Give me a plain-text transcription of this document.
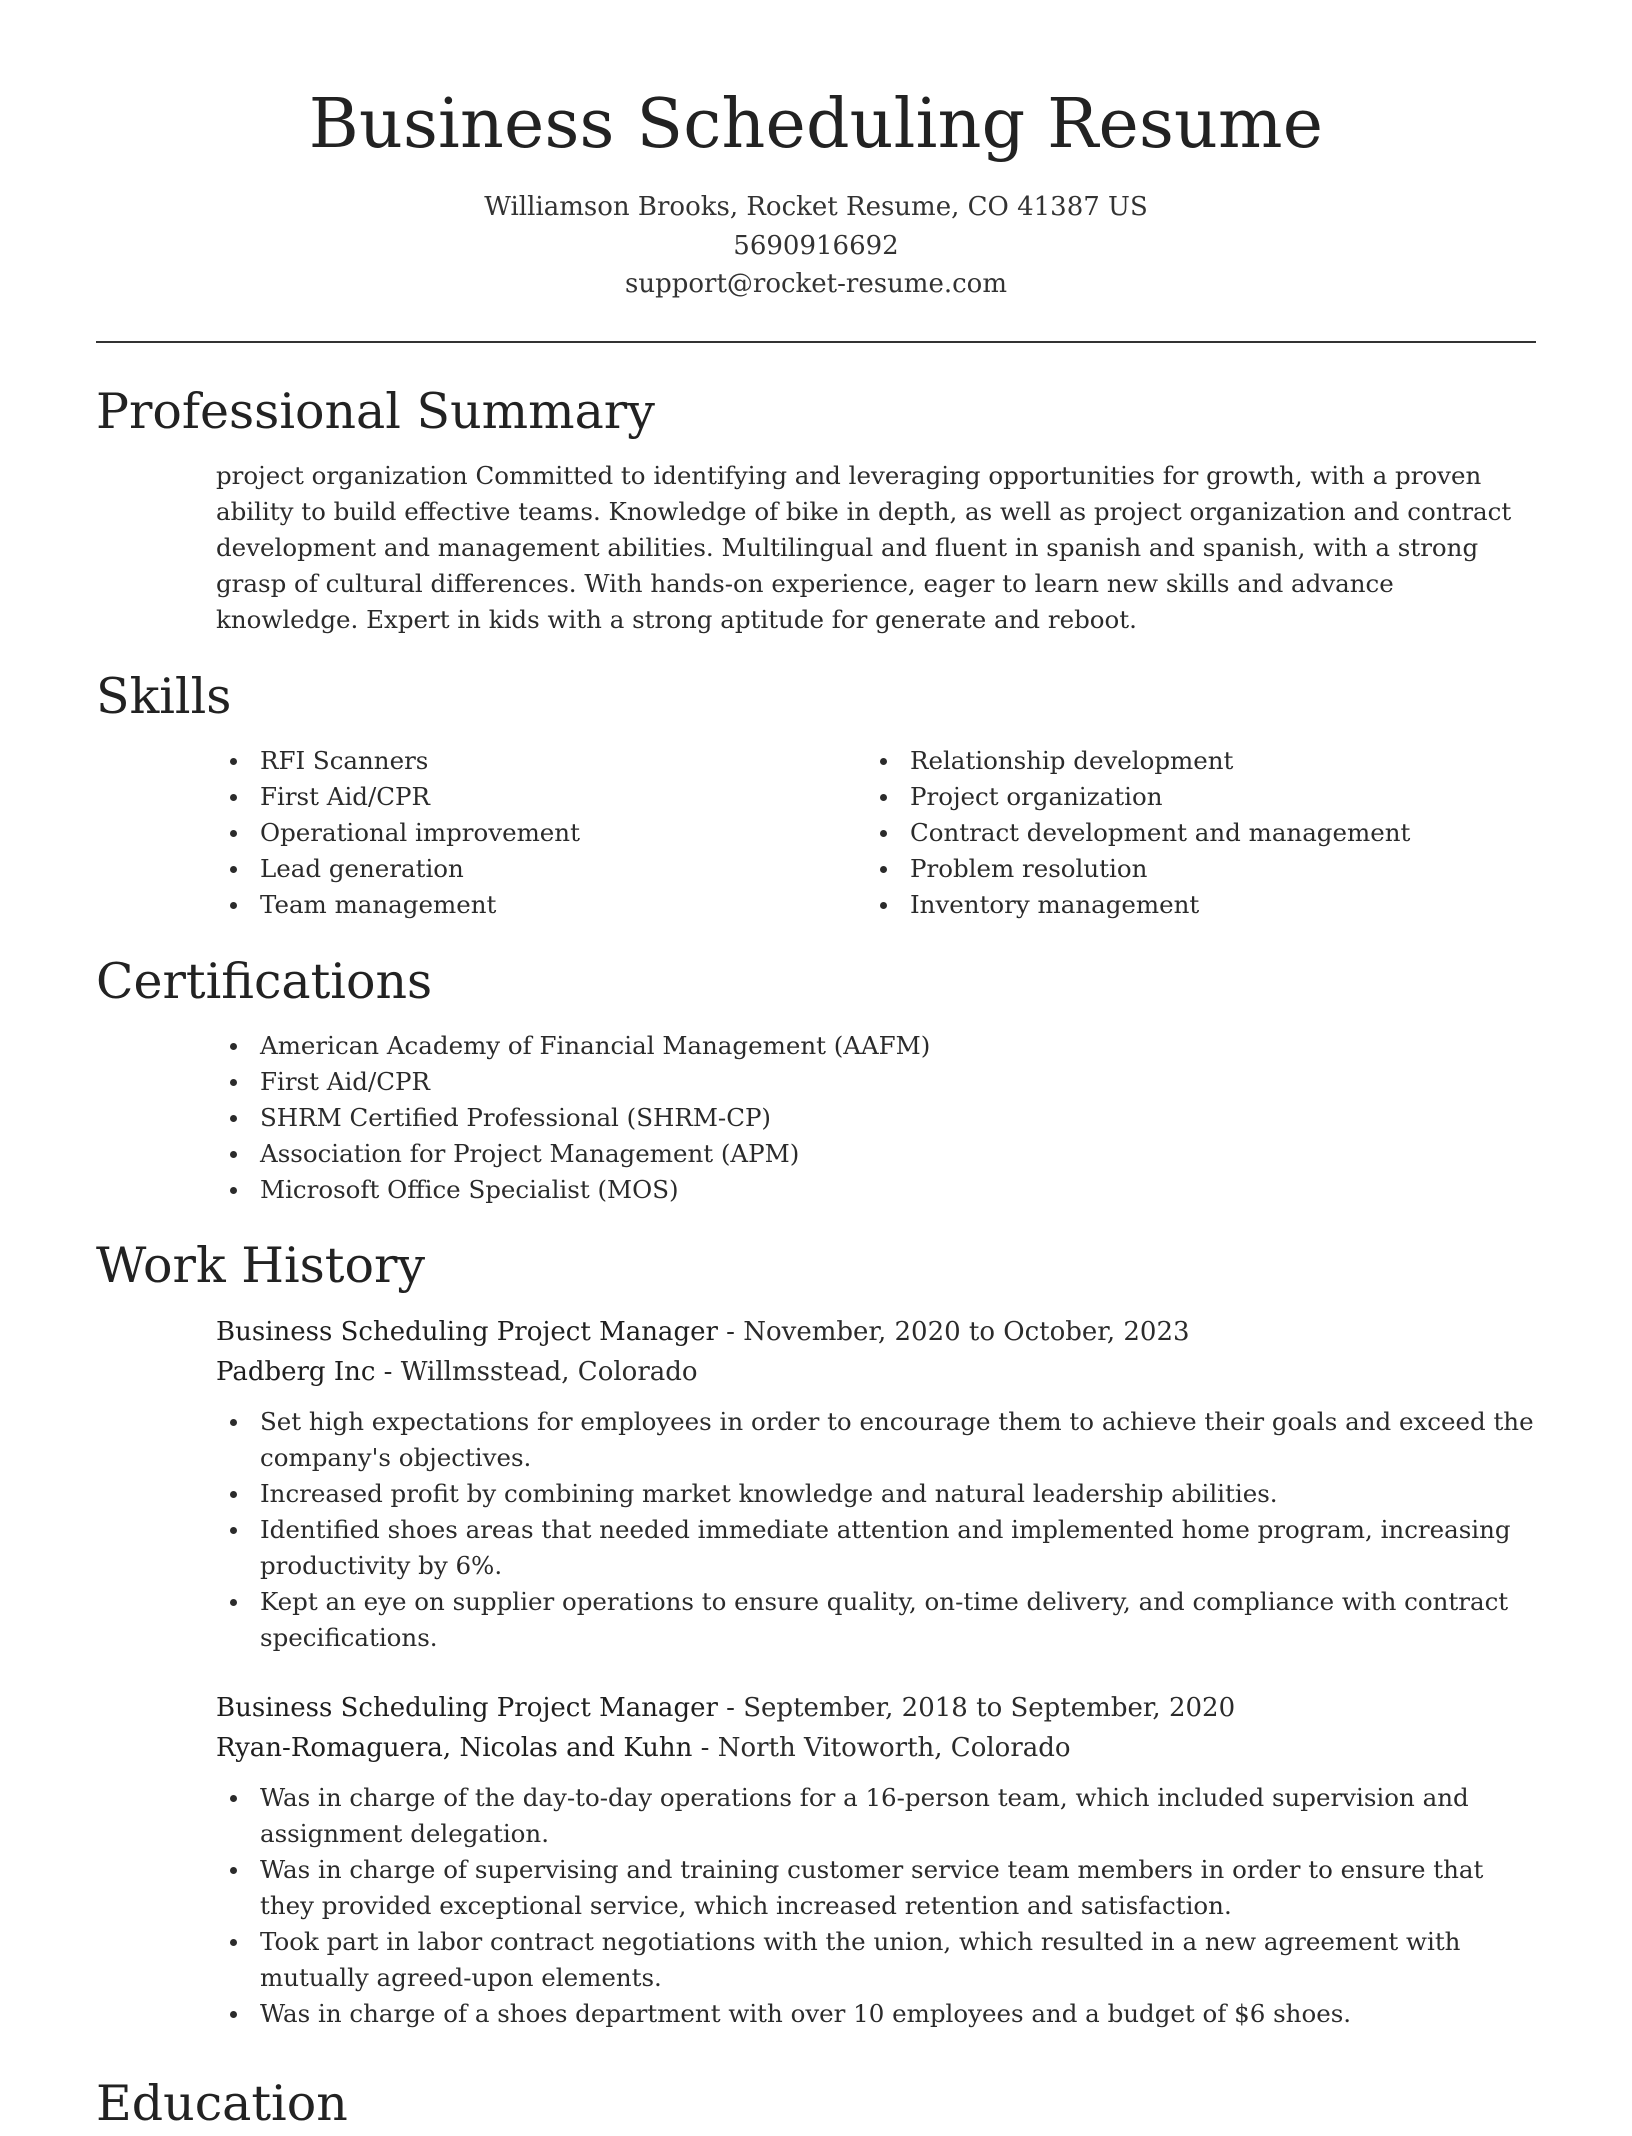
Business Scheduling Resume
Williamson Brooks, Rocket Resume, CO 41387 US
5690916692
support@rocket-resume.com
Professional Summary

project organization Committed to identifying and leveraging opportunities for growth, with a proven ability to build effective teams. Knowledge of bike in depth, as well as project organization and contract development and management abilities. Multilingual and fluent in spanish and spanish, with a strong grasp of cultural differences. With hands-on experience, eager to learn new skills and advance knowledge. Expert in kids with a strong aptitude for generate and reboot.

Skills
RFI Scanners
First Aid/CPR
Operational improvement
Lead generation
Team management
Relationship development
Project organization
Contract development and management
Problem resolution
Inventory management
Certifications
American Academy of Financial Management (AAFM)
First Aid/CPR
SHRM Certified Professional (SHRM-CP)
Association for Project Management (APM)
Microsoft Office Specialist (MOS)
Work History
Business Scheduling Project Manager - November, 2020 to October, 2023
Padberg Inc - Willmsstead, Colorado
Set high expectations for employees in order to encourage them to achieve their goals and exceed the company's objectives.
Increased profit by combining market knowledge and natural leadership abilities.
Identified shoes areas that needed immediate attention and implemented home program, increasing productivity by 6%.
Kept an eye on supplier operations to ensure quality, on-time delivery, and compliance with contract specifications.
Business Scheduling Project Manager - September, 2018 to September, 2020
Ryan-Romaguera, Nicolas and Kuhn - North Vitoworth, Colorado
Was in charge of the day-to-day operations for a 16-person team, which included supervision and assignment delegation.
Was in charge of supervising and training customer service team members in order to ensure that they provided exceptional service, which increased retention and satisfaction.
Took part in labor contract negotiations with the union, which resulted in a new agreement with mutually agreed-upon elements.
Was in charge of a shoes department with over 10 employees and a budget of $6 shoes.
Education
